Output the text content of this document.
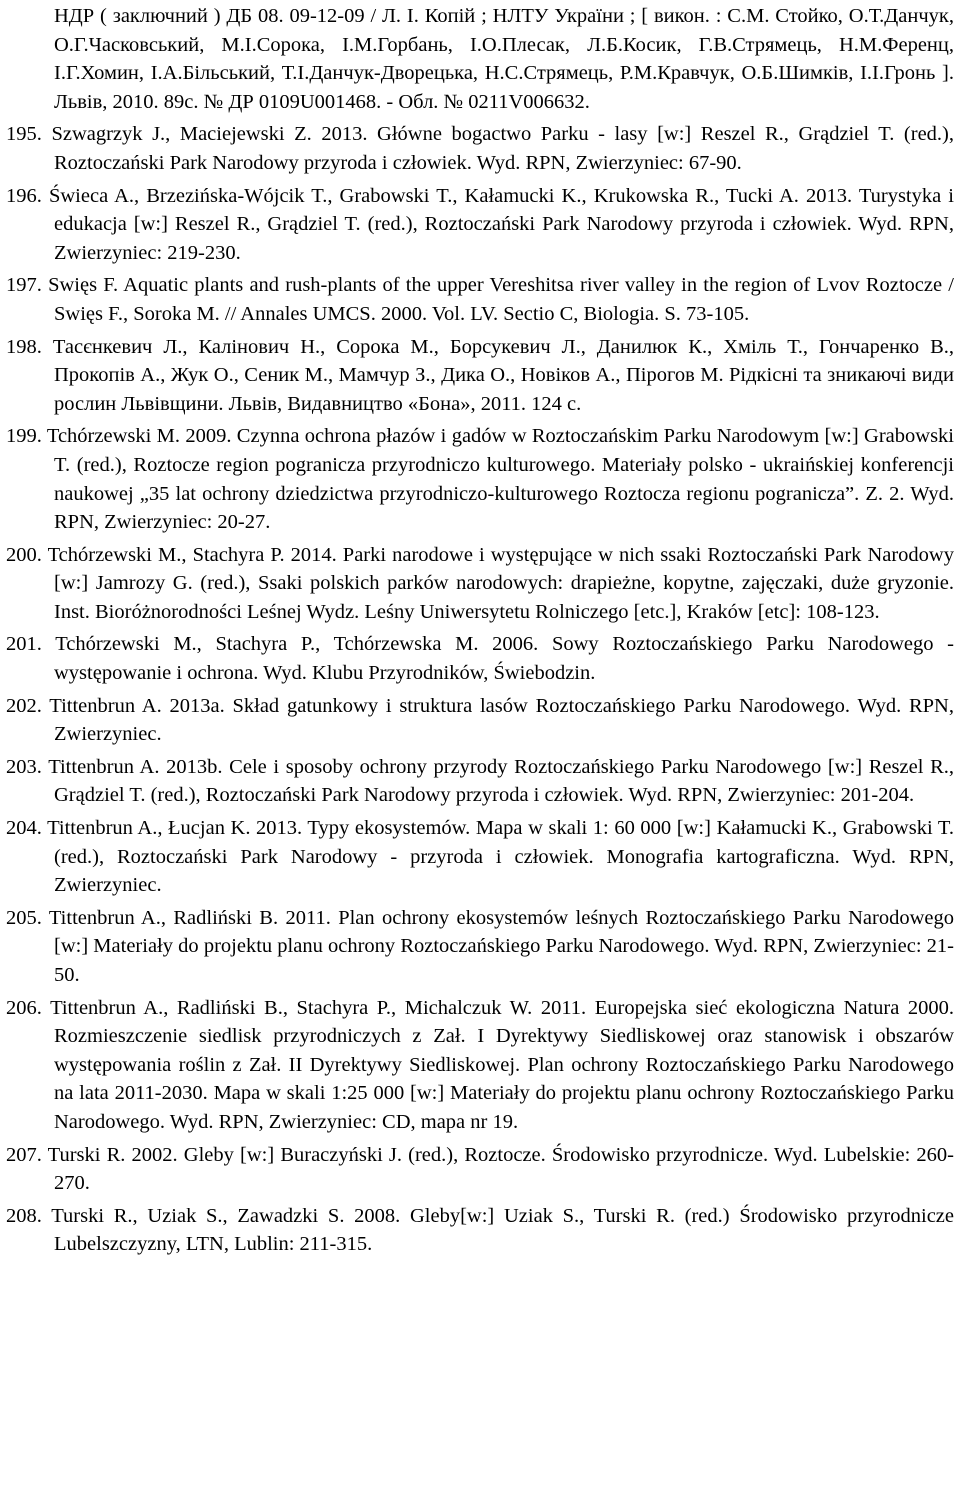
НДР ( заключний ) ДБ 08. 09-12-09 / Л. І. Копій ; НЛТУ України ; [ викон. : С.М. Стойко, О.Т.Данчук, О.Г.Часковський, М.І.Сорока, І.М.Горбань, І.О.Плесак, Л.Б.Косик, Г.В.Стрямець, Н.М.Ференц, І.Г.Хомин, І.А.Більський, Т.І.Данчук-Дворецька, Н.С.Стрямець, Р.М.Кравчук, О.Б.Шимків, І.І.Гронь ]. Львів, 2010. 89с. № ДР 0109U001468. - Обл. № 0211V006632.

195. Szwagrzyk J., Maciejewski Z. 2013. Główne bogactwo Parku - lasy [w:] Reszel R., Grądziel T. (red.), Roztoczański Park Narodowy przyroda i człowiek. Wyd. RPN, Zwierzyniec: 67-90.

196. Świeca A., Brzezińska-Wójcik T., Grabowski T., Kałamucki K., Krukowska R., Tucki A. 2013. Turystyka i edukacja [w:] Reszel R., Grądziel T. (red.), Roztoczański Park Narodowy przyroda i człowiek. Wyd. RPN, Zwierzyniec: 219-230.

197. Swięs F. Aquatic plants and rush-plants of the upper Vereshitsa river valley in the region of Lvov Roztocze / Swięs F., Soroka M. // Annales UMCS. 2000. Vol. LV. Sectio C, Biologia. S. 73-105.

198. Тасєнкевич Л., Калінович Н., Сорока М., Борсукевич Л., Данилюк К., Хміль Т., Гончаренко В., Прокопів А., Жук О., Сеник М., Мамчур З., Дика О., Новіков А., Пірогов М. Рідкісні та зникаючі види рослин Львівщини. Львів, Видавництво «Бона», 2011. 124 с.

199. Tchórzewski M. 2009. Czynna ochrona płazów i gadów w Roztoczańskim Parku Narodowym [w:] Grabowski T. (red.), Roztocze region pogranicza przyrodniczo kulturowego. Materiały polsko - ukraińskiej konferencji naukowej „35 lat ochrony dziedzictwa przyrodniczo-kulturowego Roztocza regionu pogranicza”. Z. 2. Wyd. RPN, Zwierzyniec: 20-27.

200. Tchórzewski M., Stachyra P. 2014. Parki narodowe i występujące w nich ssaki Roztoczański Park Narodowy [w:] Jamrozy G. (red.), Ssaki polskich parków narodowych: drapieżne, kopytne, zajęczaki, duże gryzonie. Inst. Bioróżnorodności Leśnej Wydz. Leśny Uniwersytetu Rolniczego [etc.], Kraków [etc]: 108-123.

201. Tchórzewski M., Stachyra P., Tchórzewska M. 2006. Sowy Roztoczańskiego Parku Narodowego - występowanie i ochrona. Wyd. Klubu Przyrodników, Świebodzin.

202. Tittenbrun A. 2013a. Skład gatunkowy i struktura lasów Roztoczańskiego Parku Narodowego. Wyd. RPN, Zwierzyniec.

203. Tittenbrun A. 2013b. Cele i sposoby ochrony przyrody Roztoczańskiego Parku Narodowego [w:] Reszel R., Grądziel T. (red.), Roztoczański Park Narodowy przyroda i człowiek. Wyd. RPN, Zwierzyniec: 201-204.

204. Tittenbrun A., Łucjan K. 2013. Typy ekosystemów. Mapa w skali 1: 60 000 [w:] Kałamucki K., Grabowski T. (red.), Roztoczański Park Narodowy - przyroda i człowiek. Monografia kartograficzna. Wyd. RPN, Zwierzyniec.

205. Tittenbrun A., Radliński B. 2011. Plan ochrony ekosystemów leśnych Roztoczańskiego Parku Narodowego [w:] Materiały do projektu planu ochrony Roztoczańskiego Parku Narodowego. Wyd. RPN, Zwierzyniec: 21-50.

206. Tittenbrun A., Radliński B., Stachyra P., Michalczuk W. 2011. Europejska sieć ekologiczna Natura 2000. Rozmieszczenie siedlisk przyrodniczych z Zał. I Dyrektywy Siedliskowej oraz stanowisk i obszarów występowania roślin z Zał. II Dyrektywy Siedliskowej. Plan ochrony Roztoczańskiego Parku Narodowego na lata 2011-2030. Mapa w skali 1:25 000 [w:] Materiały do projektu planu ochrony Roztoczańskiego Parku Narodowego. Wyd. RPN, Zwierzyniec: CD, mapa nr 19.

207. Turski R. 2002. Gleby [w:] Buraczyński J. (red.), Roztocze. Środowisko przyrodnicze. Wyd. Lubelskie: 260-270.

208. Turski R., Uziak S., Zawadzki S. 2008. Gleby[w:] Uziak S., Turski R. (red.) Środowisko przyrodnicze Lubelszczyzny, LTN, Lublin: 211-315.
